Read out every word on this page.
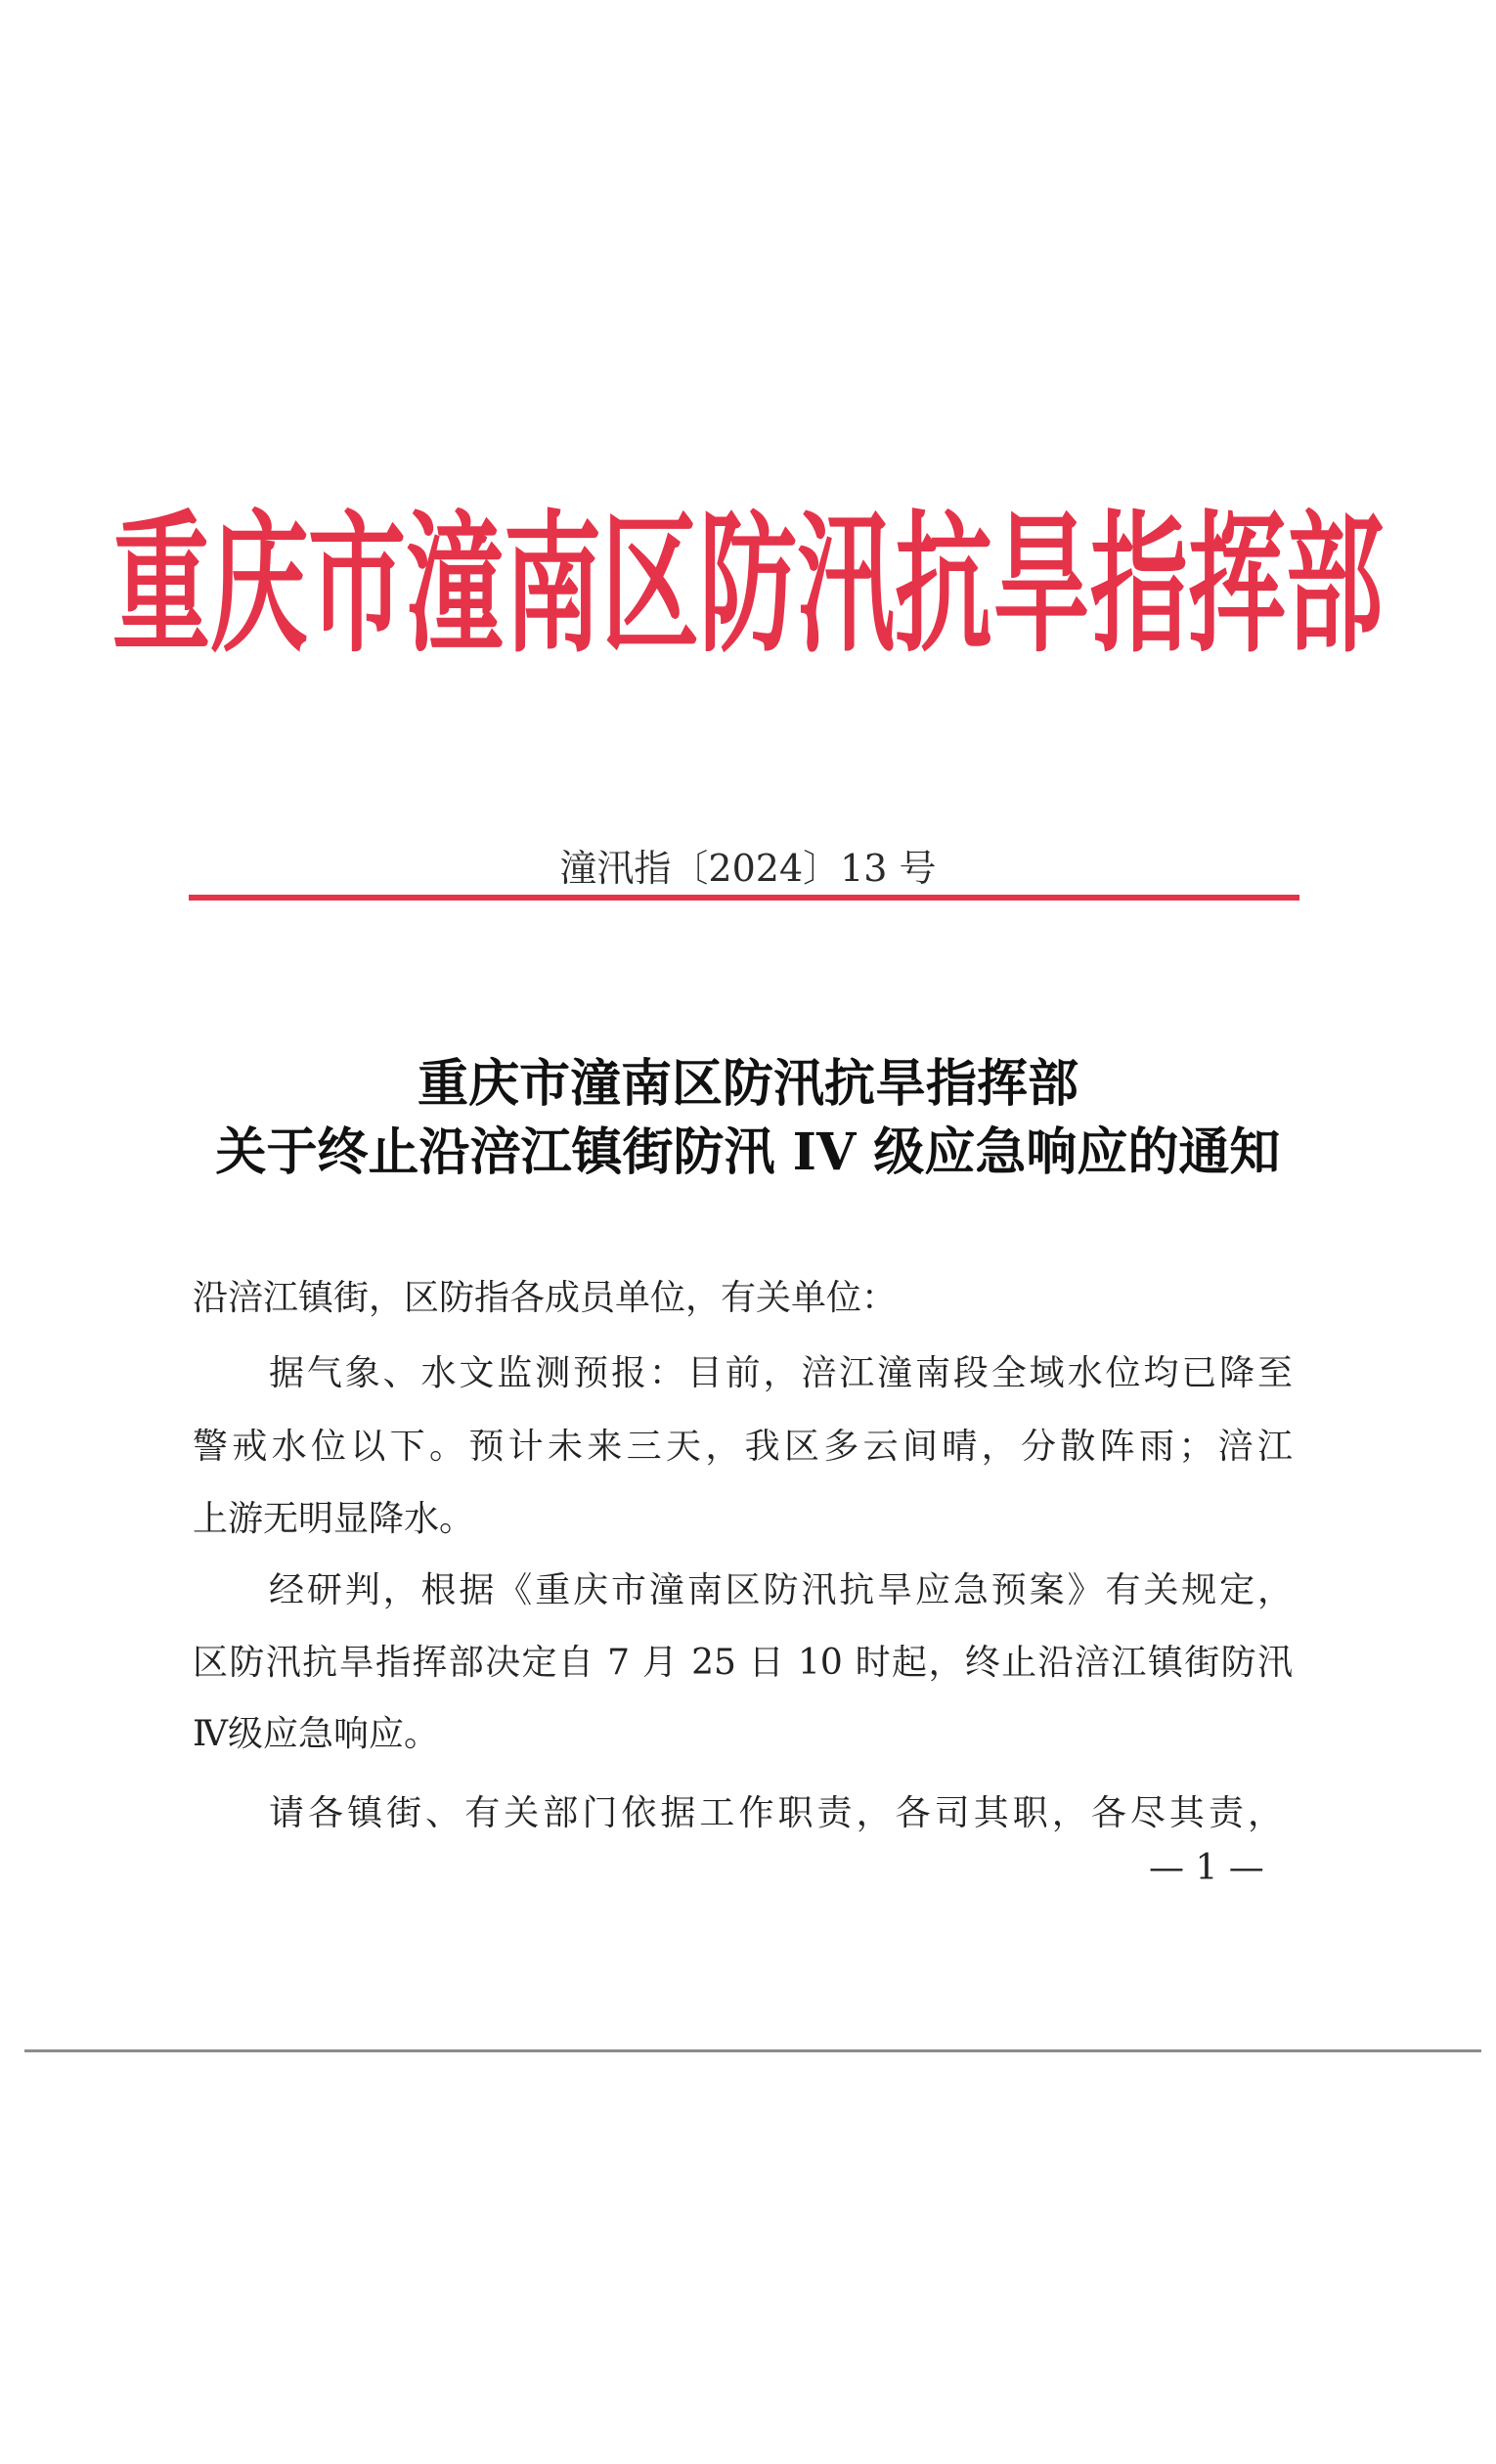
重庆市潼南区防汛抗旱指挥部
潼汛指〔2024〕13 号
重庆市潼南区防汛抗旱指挥部
关于终止沿涪江镇街防汛 IV 级应急响应的通知
沿涪江镇街，区防指各成员单位，有关单位：
据气象、水文监测预报：目前，涪江潼南段全域水位均已降至
警戒水位以下。预计未来三天，我区多云间晴，分散阵雨；涪江
上游无明显降水。
经研判，根据《重庆市潼南区防汛抗旱应急预案》有关规定，
区防汛抗旱指挥部决定自 7 月 25 日 10 时起，终止沿涪江镇街防汛
Ⅳ级应急响应。
请各镇街、有关部门依据工作职责，各司其职，各尽其责，
— 1 —
